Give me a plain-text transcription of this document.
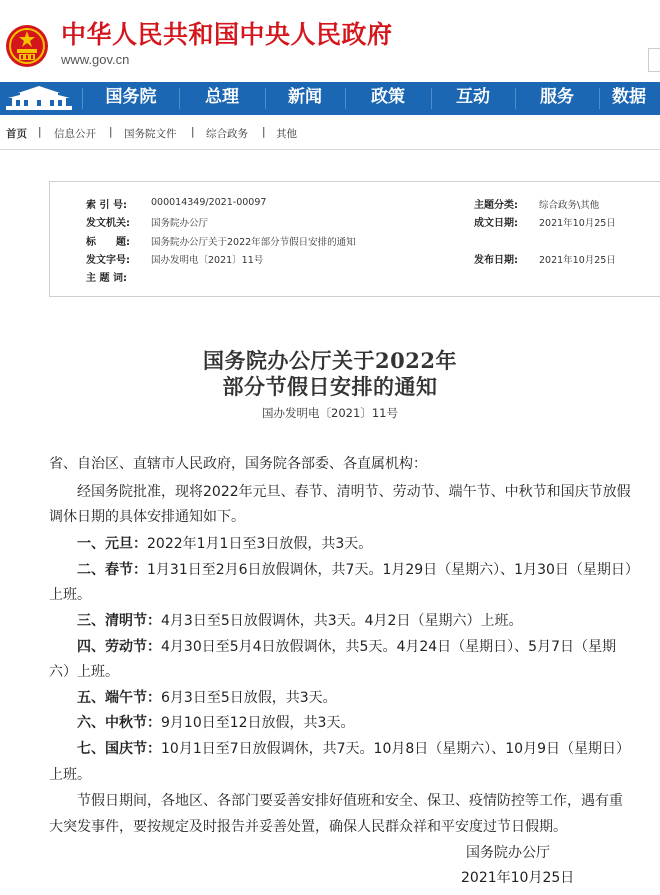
中华人民共和国中央人民政府
www.gov.cn
国务院	总理	新闻	政策	互动	服务	数据
首页 | 信息公开 | 国务院文件 | 综合政务 | 其他
索 引 号:	000014349/2021-00097	主题分类: 综合政务\其他
发文机关: 国务院办公厅	成文日期: 2021年10月25日
标　　题: 国务院办公厅关于2022年部分节假日安排的通知
发文字号: 国办发明电〔2021〕11号	发布日期: 2021年10月25日
主 题 词:
国务院办公厅关于2022年
部分节假日安排的通知
国办发明电〔2021〕11号
省、自治区、直辖市人民政府，国务院各部委、各直属机构：
　　经国务院批准，现将2022年元旦、春节、清明节、劳动节、端午节、中秋节和国庆节放假
调休日期的具体安排通知如下。
　　一、元旦：2022年1月1日至3日放假，共3天。
　　二、春节：1月31日至2月6日放假调休，共7天。1月29日（星期六）、1月30日（星期日）
上班。
　　三、清明节：4月3日至5日放假调休，共3天。4月2日（星期六）上班。
　　四、劳动节：4月30日至5月4日放假调休，共5天。4月24日（星期日）、5月7日（星期
六）上班。
　　五、端午节：6月3日至5日放假，共3天。
　　六、中秋节：9月10日至12日放假，共3天。
　　七、国庆节：10月1日至7日放假调休，共7天。10月8日（星期六）、10月9日（星期日）
上班。
　　节假日期间，各地区、各部门要妥善安排好值班和安全、保卫、疫情防控等工作，遇有重
大突发事件，要按规定及时报告并妥善处置，确保人民群众祥和平安度过节日假期。
国务院办公厅
2021年10月25日
